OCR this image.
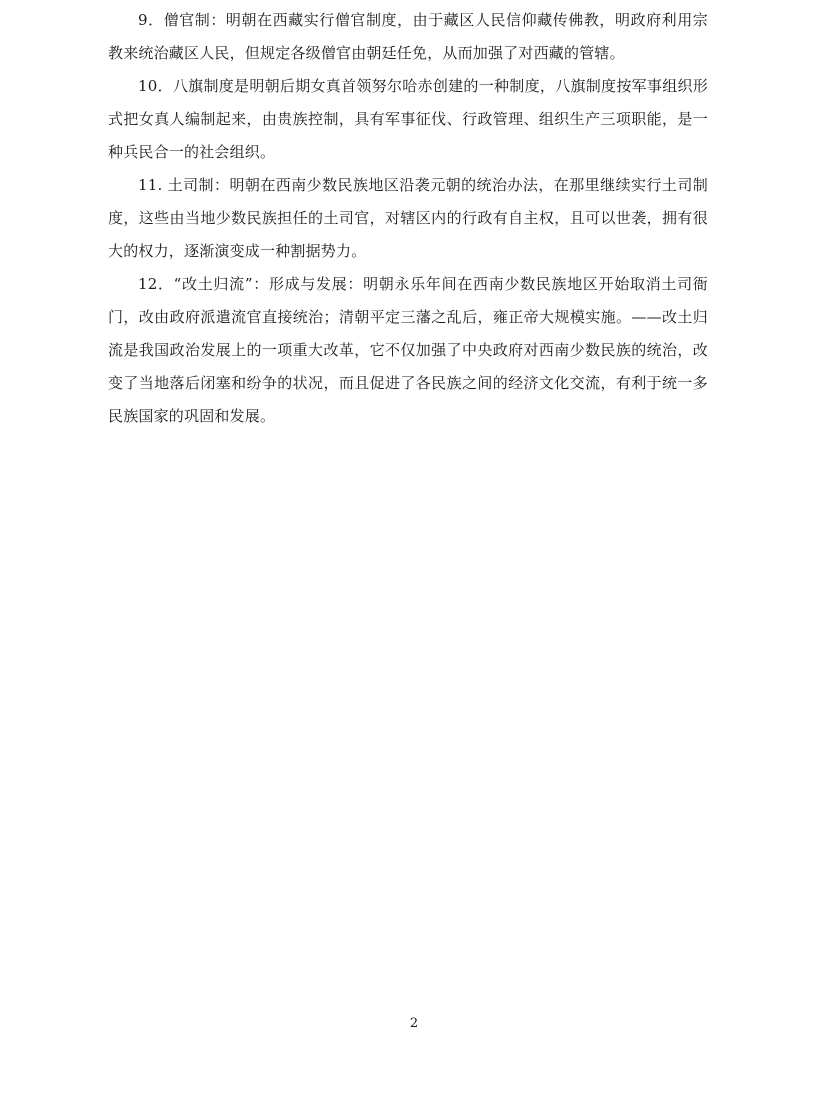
9．僧官制：明朝在西藏实行僧官制度，由于藏区人民信仰藏传佛教，明政府利用宗教来统治藏区人民，但规定各级僧官由朝廷任免，从而加强了对西藏的管辖。

10．八旗制度是明朝后期女真首领努尔哈赤创建的一种制度，八旗制度按军事组织形式把女真人编制起来，由贵族控制，具有军事征伐、行政管理、组织生产三项职能，是一种兵民合一的社会组织。

11. 土司制：明朝在西南少数民族地区沿袭元朝的统治办法，在那里继续实行土司制度，这些由当地少数民族担任的土司官，对辖区内的行政有自主权，且可以世袭，拥有很大的权力，逐渐演变成一种割据势力。

12．“改土归流”：形成与发展：明朝永乐年间在西南少数民族地区开始取消土司衙门，改由政府派遣流官直接统治；清朝平定三藩之乱后，雍正帝大规模实施。——改土归流是我国政治发展上的一项重大改革，它不仅加强了中央政府对西南少数民族的统治，改变了当地落后闭塞和纷争的状况，而且促进了各民族之间的经济文化交流，有利于统一多民族国家的巩固和发展。

2
